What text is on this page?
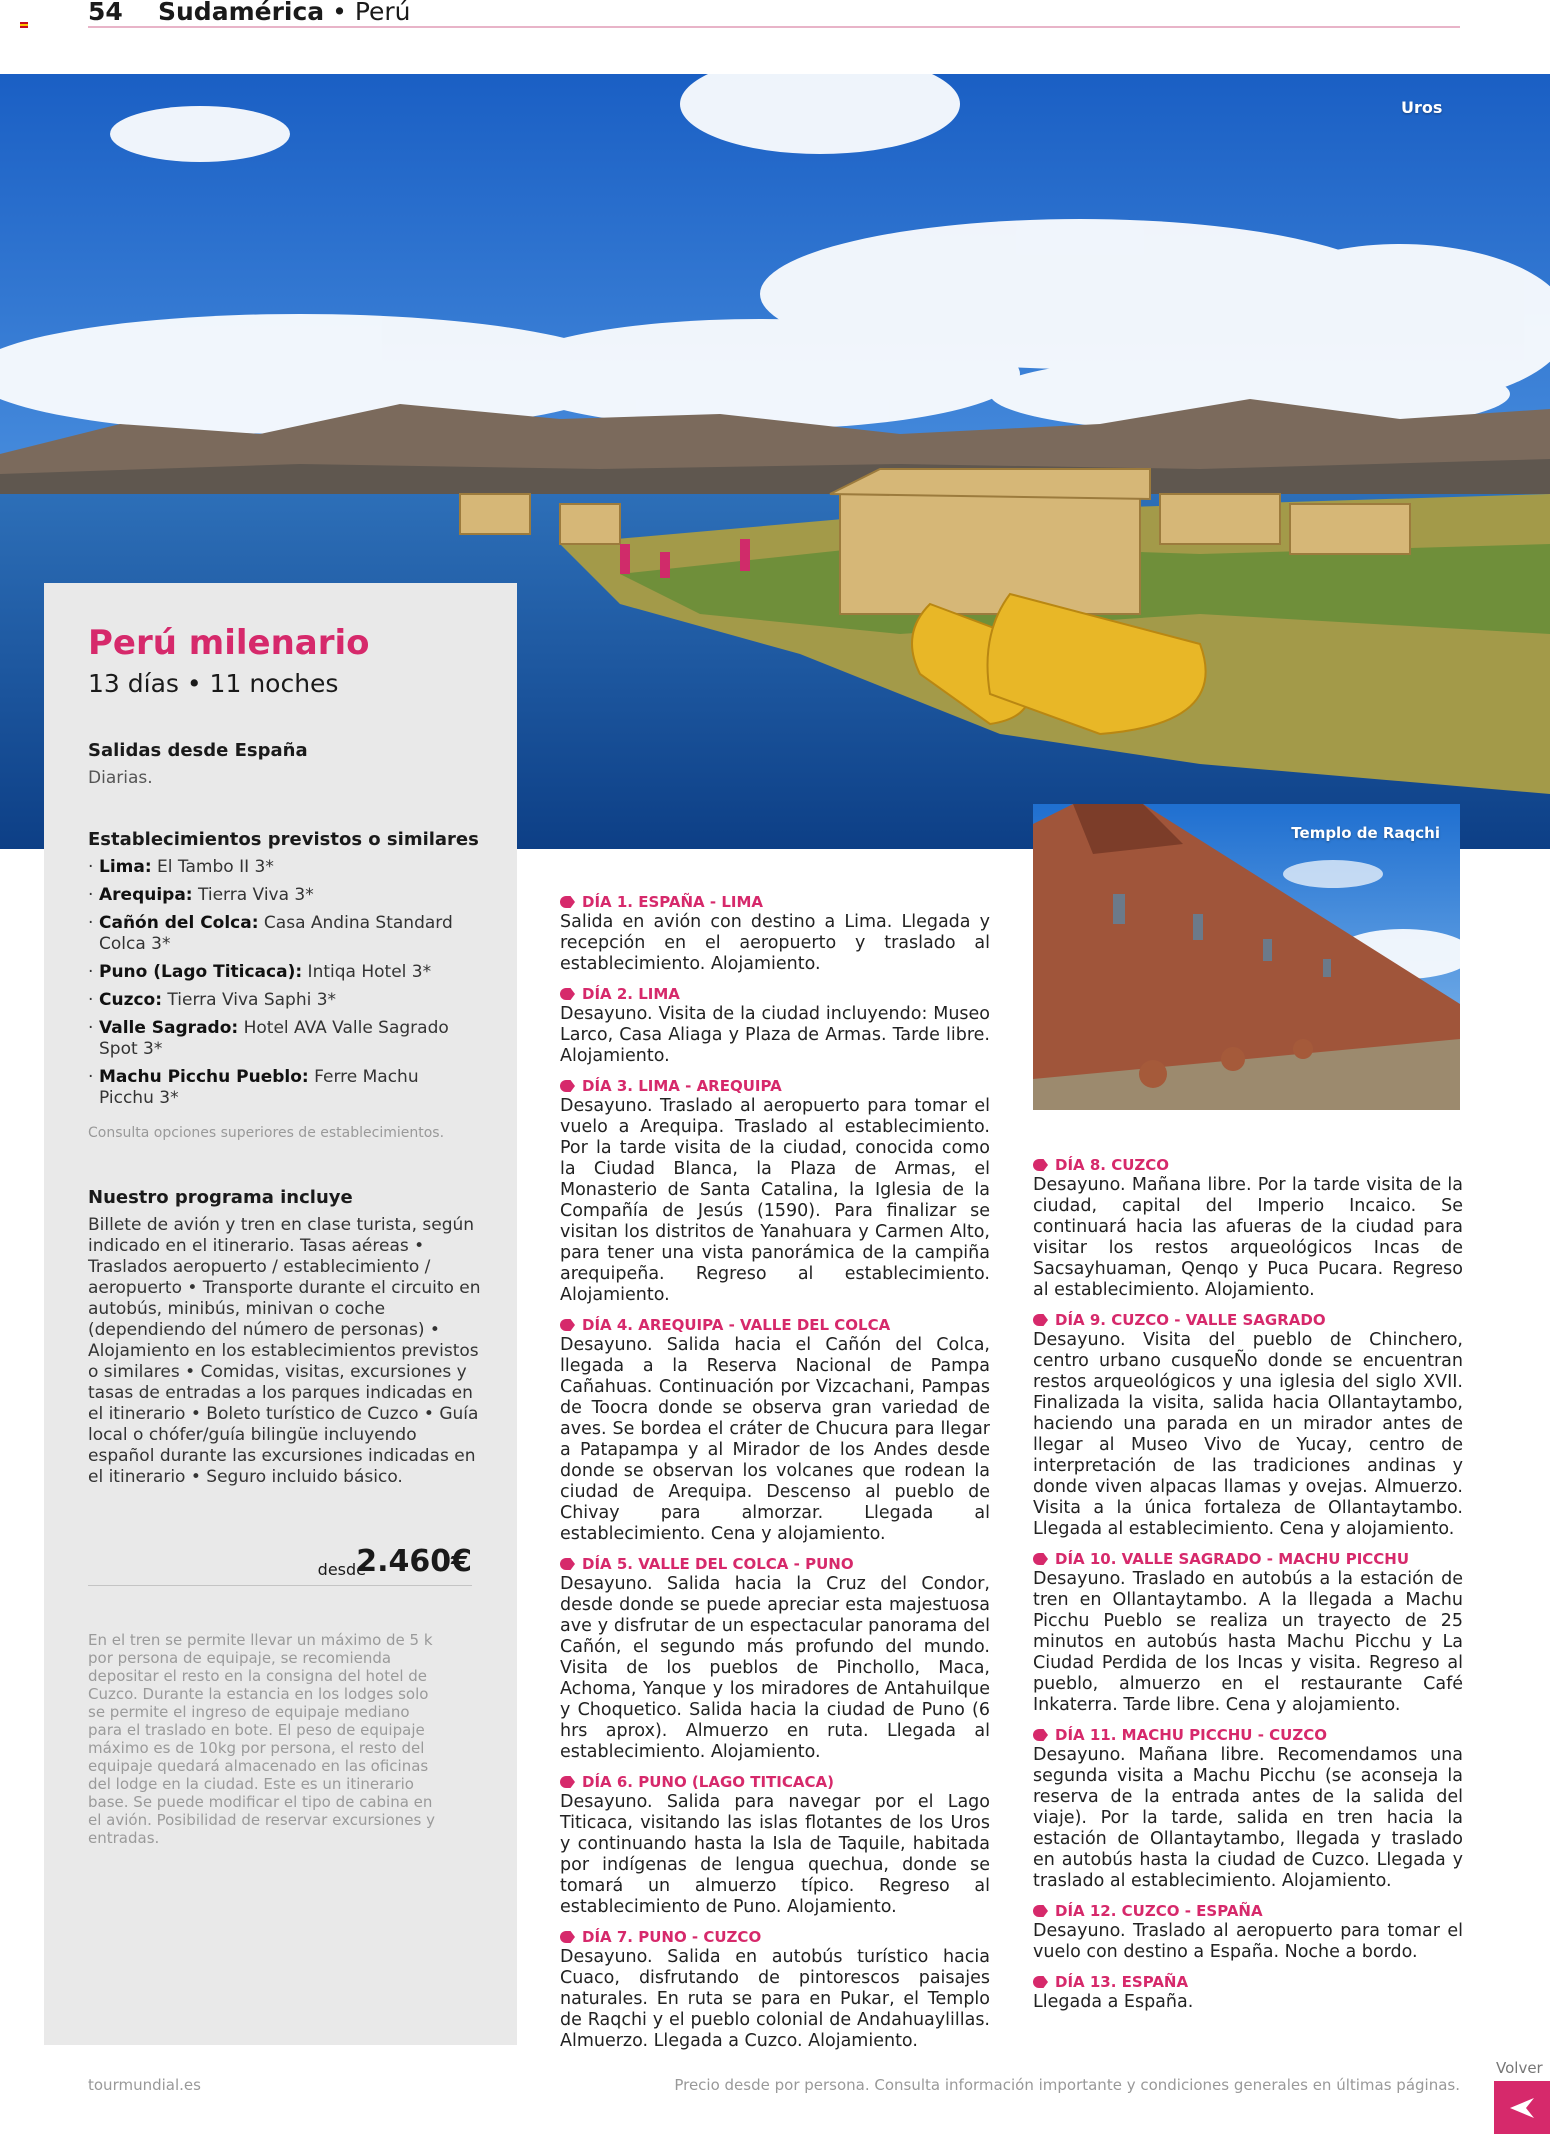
54 Sudamérica • Perú
Uros
Perú milenario
13 días • 11 noches
Salidas desde España
Diarias.
Establecimientos previstos o similares
· Lima: El Tambo II 3*
· Arequipa: Tierra Viva 3*
· Cañón del Colca: Casa Andina Standard Colca 3*
· Puno (Lago Titicaca): Intiqa Hotel 3*
· Cuzco: Tierra Viva Saphi 3*
· Valle Sagrado: Hotel AVA Valle Sagrado Spot 3*
· Machu Picchu Pueblo: Ferre Machu Picchu 3*
Consulta opciones superiores de establecimientos.
Nuestro programa incluye
Billete de avión y tren en clase turista, según indicado en el itinerario. Tasas aéreas • Traslados aeropuerto / establecimiento / aeropuerto • Transporte durante el circuito en autobús, minibús, minivan o coche (dependiendo del número de personas) • Alojamiento en los establecimientos previstos o similares • Comidas, visitas, excursiones y tasas de entradas a los parques indicadas en el itinerario • Boleto turístico de Cuzco • Guía local o chófer/guía bilingüe incluyendo español durante las excursiones indicadas en el itinerario • Seguro incluido básico.
desde
2.460€
En el tren se permite llevar un máximo de 5 k por persona de equipaje, se recomienda depositar el resto en la consigna del hotel de Cuzco. Durante la estancia en los lodges solo se permite el ingreso de equipaje mediano para el traslado en bote. El peso de equipaje máximo es de 10kg por persona, el resto del equipaje quedará almacenado en las oficinas del lodge en la ciudad. Este es un itinerario base. Se puede modificar el tipo de cabina en el avión. Posibilidad de reservar excursiones y entradas.
DÍA 1. ESPAÑA - LIMA

Salida en avión con destino a Lima. Llegada y recepción en el aeropuerto y traslado al establecimiento. Alojamiento.

DÍA 2. LIMA

Desayuno. Visita de la ciudad incluyendo: Museo Larco, Casa Aliaga y Plaza de Armas. Tarde libre. Alojamiento.

DÍA 3. LIMA - AREQUIPA

Desayuno. Traslado al aeropuerto para tomar el vuelo a Arequipa. Traslado al establecimiento. Por la tarde visita de la ciudad, conocida como la Ciudad Blanca, la Plaza de Armas, el Monasterio de Santa Catalina, la Iglesia de la Compañía de Jesús (1590). Para finalizar se visitan los distritos de Yanahuara y Carmen Alto, para tener una vista panorámica de la campiña arequipeña. Regreso al establecimiento. Alojamiento.

DÍA 4. AREQUIPA - VALLE DEL COLCA

Desayuno. Salida hacia el Cañón del Colca, llegada a la Reserva Nacional de Pampa Cañahuas. Continuación por Vizcachani, Pampas de Toocra donde se observa gran variedad de aves. Se bordea el cráter de Chucura para llegar a Patapampa y al Mirador de los Andes desde donde se observan los volcanes que rodean la ciudad de Arequipa. Descenso al pueblo de Chivay para almorzar. Llegada al establecimiento. Cena y alojamiento.

DÍA 5. VALLE DEL COLCA - PUNO

Desayuno. Salida hacia la Cruz del Condor, desde donde se puede apreciar esta majestuosa ave y disfrutar de un espectacular panorama del Cañón, el segundo más profundo del mundo. Visita de los pueblos de Pinchollo, Maca, Achoma, Yanque y los miradores de Antahuilque y Choquetico. Salida hacia la ciudad de Puno (6 hrs aprox). Almuerzo en ruta. Llegada al establecimiento. Alojamiento.

DÍA 6. PUNO (LAGO TITICACA)

Desayuno. Salida para navegar por el Lago Titicaca, visitando las islas flotantes de los Uros y continuando hasta la Isla de Taquile, habitada por indígenas de lengua quechua, donde se tomará un almuerzo típico. Regreso al establecimiento de Puno. Alojamiento.

DÍA 7. PUNO - CUZCO

Desayuno. Salida en autobús turístico hacia Cuaco, disfrutando de pintorescos paisajes naturales. En ruta se para en Pukar, el Templo de Raqchi y el pueblo colonial de Andahuaylillas. Almuerzo. Llegada a Cuzco. Alojamiento.

Templo de Raqchi
DÍA 8. CUZCO

Desayuno. Mañana libre. Por la tarde visita de la ciudad, capital del Imperio Incaico. Se continuará hacia las afueras de la ciudad para visitar los restos arqueológicos Incas de Sacsayhuaman, Qenqo y Puca Pucara. Regreso al establecimiento. Alojamiento.

DÍA 9. CUZCO - VALLE SAGRADO

Desayuno. Visita del pueblo de Chinchero, centro urbano cusqueÑo donde se encuentran restos arqueológicos y una iglesia del siglo XVII. Finalizada la visita, salida hacia Ollantaytambo, haciendo una parada en un mirador antes de llegar al Museo Vivo de Yucay, centro de interpretación de las tradiciones andinas y donde viven alpacas llamas y ovejas. Almuerzo. Visita a la única fortaleza de Ollantaytambo. Llegada al establecimiento. Cena y alojamiento.

DÍA 10. VALLE SAGRADO - MACHU PICCHU

Desayuno. Traslado en autobús a la estación de tren en Ollantaytambo. A la llegada a Machu Picchu Pueblo se realiza un trayecto de 25 minutos en autobús hasta Machu Picchu y La Ciudad Perdida de los Incas y visita. Regreso al pueblo, almuerzo en el restaurante Café Inkaterra. Tarde libre. Cena y alojamiento.

DÍA 11. MACHU PICCHU - CUZCO

Desayuno. Mañana libre. Recomendamos una segunda visita a Machu Picchu (se aconseja la reserva de la entrada antes de la salida del viaje). Por la tarde, salida en tren hacia la estación de Ollantaytambo, llegada y traslado en autobús hasta la ciudad de Cuzco. Llegada y traslado al establecimiento. Alojamiento.

DÍA 12. CUZCO - ESPAÑA

Desayuno. Traslado al aeropuerto para tomar el vuelo con destino a España. Noche a bordo.

DÍA 13. ESPAÑA

Llegada a España.

tourmundial.es	Precio desde por persona. Consulta información importante y condiciones generales en últimas páginas.
Volver
